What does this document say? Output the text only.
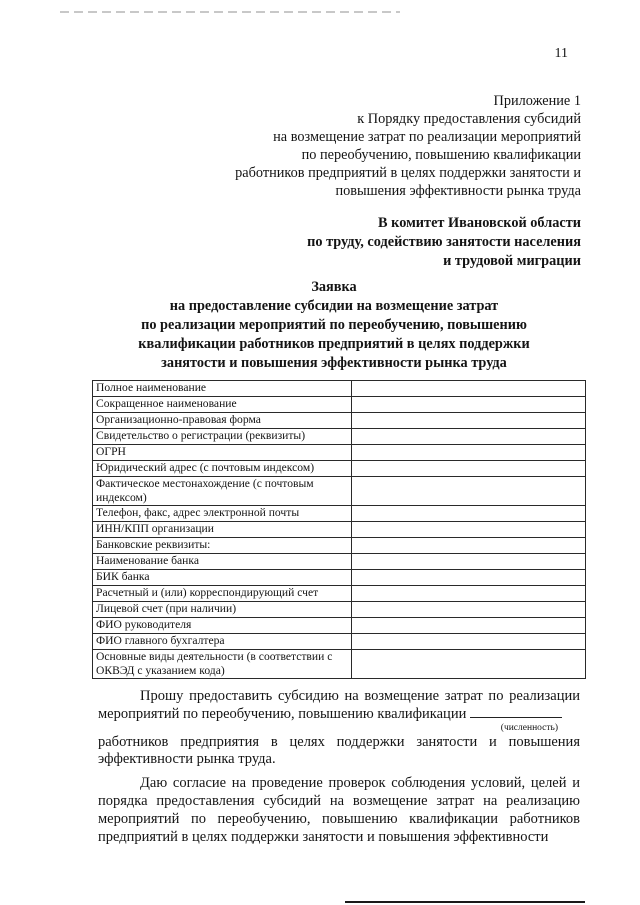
11
Приложение 1
к Порядку предоставления субсидий
на возмещение затрат по реализации мероприятий
по переобучению, повышению квалификации
работников предприятий в целях поддержки занятости и
повышения эффективности рынка труда
В комитет Ивановской области
по труду, содействию занятости населения
и трудовой миграции
Заявка
на предоставление субсидии на возмещение затрат
по реализации мероприятий по переобучению, повышению
квалификации работников предприятий в целях поддержки
занятости и повышения эффективности рынка труда
Полное наименование	
Сокращенное наименование	
Организационно-правовая форма	
Свидетельство о регистрации (реквизиты)	
ОГРН	
Юридический адрес (с почтовым индексом)	
Фактическое местонахождение (с почтовым индексом)	
Телефон, факс, адрес электронной почты	
ИНН/КПП организации	
Банковские реквизиты:	
Наименование банка	
БИК банка	
Расчетный и (или) корреспондирующий счет	
Лицевой счет (при наличии)	
ФИО руководителя	
ФИО главного бухгалтера	
Основные виды деятельности (в соответствии с ОКВЭД с указанием кода)	

Прошу предоставить субсидию на возмещение затрат по реализации мероприятий по переобучению, повышению квалификации

(численность)

работников предприятия в целях поддержки занятости и повышения эффективности рынка труда.

Даю согласие на проведение проверок соблюдения условий, целей и порядка предоставления субсидий на возмещение затрат на реализацию мероприятий по переобучению, повышению квалификации работников предприятий в целях поддержки занятости и повышения эффективности
